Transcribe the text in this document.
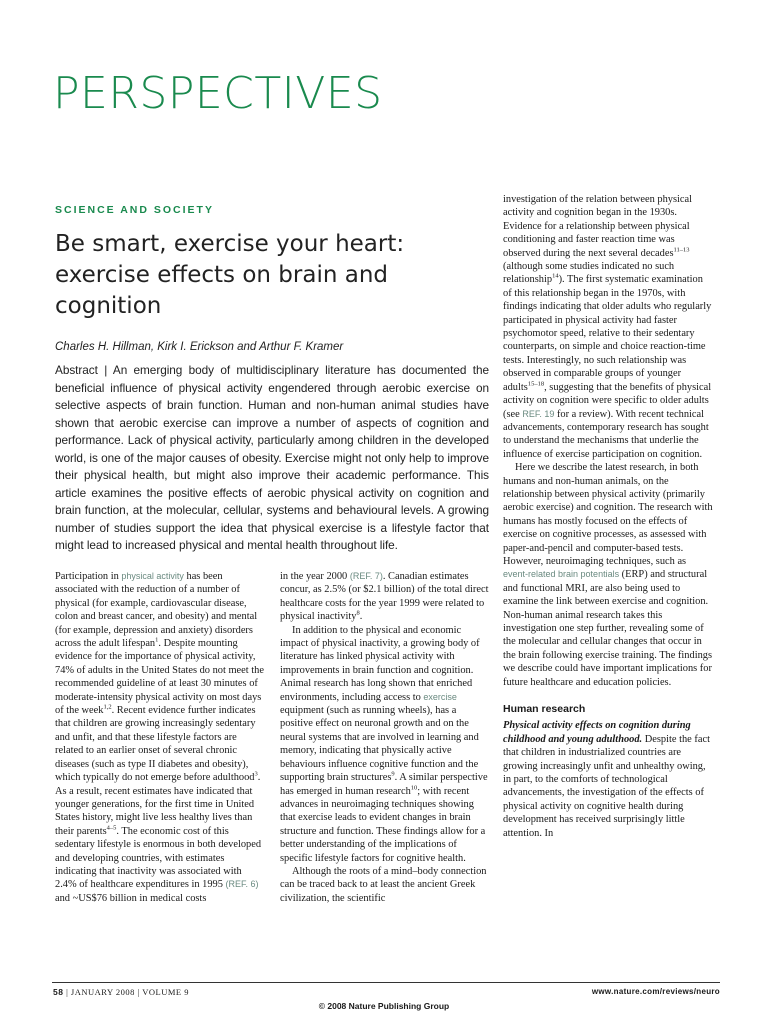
PERSPECTIVES
SCIENCE AND SOCIETY
Be smart, exercise your heart: exercise effects on brain and cognition
Charles H. Hillman, Kirk I. Erickson and Arthur F. Kramer

Abstract | An emerging body of multidisciplinary literature has documented the beneficial influence of physical activity engendered through aerobic exercise on selective aspects of brain function. Human and non-human animal studies have shown that aerobic exercise can improve a number of aspects of cognition and performance. Lack of physical activity, particularly among children in the developed world, is one of the major causes of obesity. Exercise might not only help to improve their physical health, but might also improve their academic performance. This article examines the positive effects of aerobic physical activity on cognition and brain function, at the molecular, cellular, systems and behavioural levels. A growing number of studies support the idea that physical exercise is a lifestyle factor that might lead to increased physical and mental health throughout life.

Participation in physical activity has been associated with the reduction of a number of physical (for example, cardiovascular disease, colon and breast cancer, and obesity) and mental (for example, depression and anxiety) disorders across the adult lifespan$^1$. Despite mounting evidence for the importance of physical activity, 74% of adults in the United States do not meet the recommended guideline of at least 30 minutes of moderate-intensity physical activity on most days of the week$^{1,2}$. Recent evidence further indicates that children are growing increasingly sedentary and unfit, and that these lifestyle factors are related to an earlier onset of several chronic diseases (such as type II diabetes and obesity), which typically do not emerge before adulthood$^3$. As a result, recent estimates have indicated that younger generations, for the first time in United States history, might live less healthy lives than their parents$^{4-5}$. The economic cost of this sedentary lifestyle is enormous in both developed and developing countries, with estimates indicating that inactivity was associated with 2.4% of healthcare expenditures in 1995 (REF. 6) and ~US$76 billion in medical costs

in the year 2000 (REF. 7). Canadian estimates concur, as 2.5% (or $2.1 billion) of the total direct healthcare costs for the year 1999 were related to physical inactivity$^8$.

In addition to the physical and economic impact of physical inactivity, a growing body of literature has linked physical activity with improvements in brain function and cognition. Animal research has long shown that enriched environments, including access to exercise equipment (such as running wheels), has a positive effect on neuronal growth and on the neural systems that are involved in learning and memory, indicating that physically active behaviours influence cognitive function and the supporting brain structures$^9$. A similar perspective has emerged in human research$^{10}$; with recent advances in neuroimaging techniques showing that exercise leads to evident changes in brain structure and function. These findings allow for a better understanding of the implications of specific lifestyle factors for cognitive health.

Although the roots of a mind–body connection can be traced back to at least the ancient Greek civilization, the scientific

investigation of the relation between physical activity and cognition began in the 1930s. Evidence for a relationship between physical conditioning and faster reaction time was observed during the next several decades$^{11-13}$ (although some studies indicated no such relationship$^{14}$). The first systematic examination of this relationship began in the 1970s, with findings indicating that older adults who regularly participated in physical activity had faster psychomotor speed, relative to their sedentary counterparts, on simple and choice reaction-time tests. Interestingly, no such relationship was observed in comparable groups of younger adults$^{15-18}$, suggesting that the benefits of physical activity on cognition were specific to older adults (see REF. 19 for a review). With recent technical advancements, contemporary research has sought to understand the mechanisms that underlie the influence of exercise participation on cognition.

Here we describe the latest research, in both humans and non-human animals, on the relationship between physical activity (primarily aerobic exercise) and cognition. The research with humans has mostly focused on the effects of exercise on cognitive processes, as assessed with paper-and-pencil and computer-based tests. However, neuroimaging techniques, such as event-related brain potentials (ERP) and structural and functional MRI, are also being used to examine the link between exercise and cognition. Non-human animal research takes this investigation one step further, revealing some of the molecular and cellular changes that occur in the brain following exercise training. The findings we describe could have important implications for future healthcare and education policies.

Human research

Physical activity effects on cognition during childhood and young adulthood. Despite the fact that children in industrialized countries are growing increasingly unfit and unhealthy owing, in part, to the comforts of technological advancements, the investigation of the effects of physical activity on cognitive health during development has received surprisingly little attention. In

58 | JANUARY 2008 | VOLUME 9	www.nature.com/reviews/neuro
© 2008 Nature Publishing Group
